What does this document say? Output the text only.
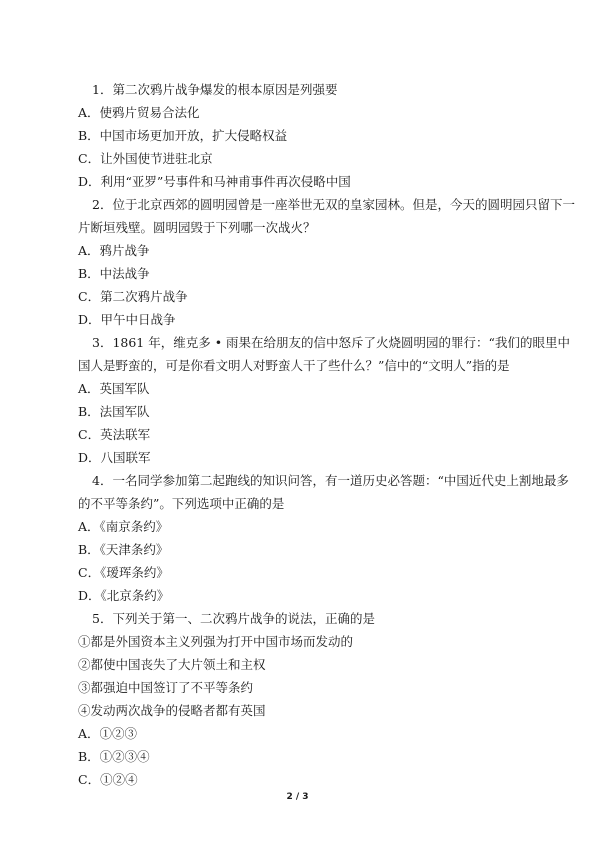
1．第二次鸦片战争爆发的根本原因是列强要

A．使鸦片贸易合法化

B．中国市场更加开放，扩大侵略权益

C．让外国使节进驻北京

D．利用“亚罗”号事件和马神甫事件再次侵略中国

2．位于北京西郊的圆明园曾是一座举世无双的皇家园林。但是，今天的圆明园只留下一

片断垣残壁。圆明园毁于下列哪一次战火？

A．鸦片战争

B．中法战争

C．第二次鸦片战争

D．甲午中日战争

3．1861 年，维克多 • 雨果在给朋友的信中怒斥了火烧圆明园的罪行：“我们的眼里中

国人是野蛮的，可是你看文明人对野蛮人干了些什么？”信中的“文明人”指的是

A．英国军队

B．法国军队

C．英法联军

D．八国联军

4．一名同学参加第二起跑线的知识问答，有一道历史必答题：“中国近代史上割地最多

的不平等条约”。下列选项中正确的是

A．《南京条约》

B．《天津条约》

C．《瑷珲条约》

D．《北京条约》

5．下列关于第一、二次鸦片战争的说法，正确的是

①都是外国资本主义列强为打开中国市场而发动的

②都使中国丧失了大片领土和主权

③都强迫中国签订了不平等条约

④发动两次战争的侵略者都有英国

A．①②③

B．①②③④

C．①②④

2 / 3
